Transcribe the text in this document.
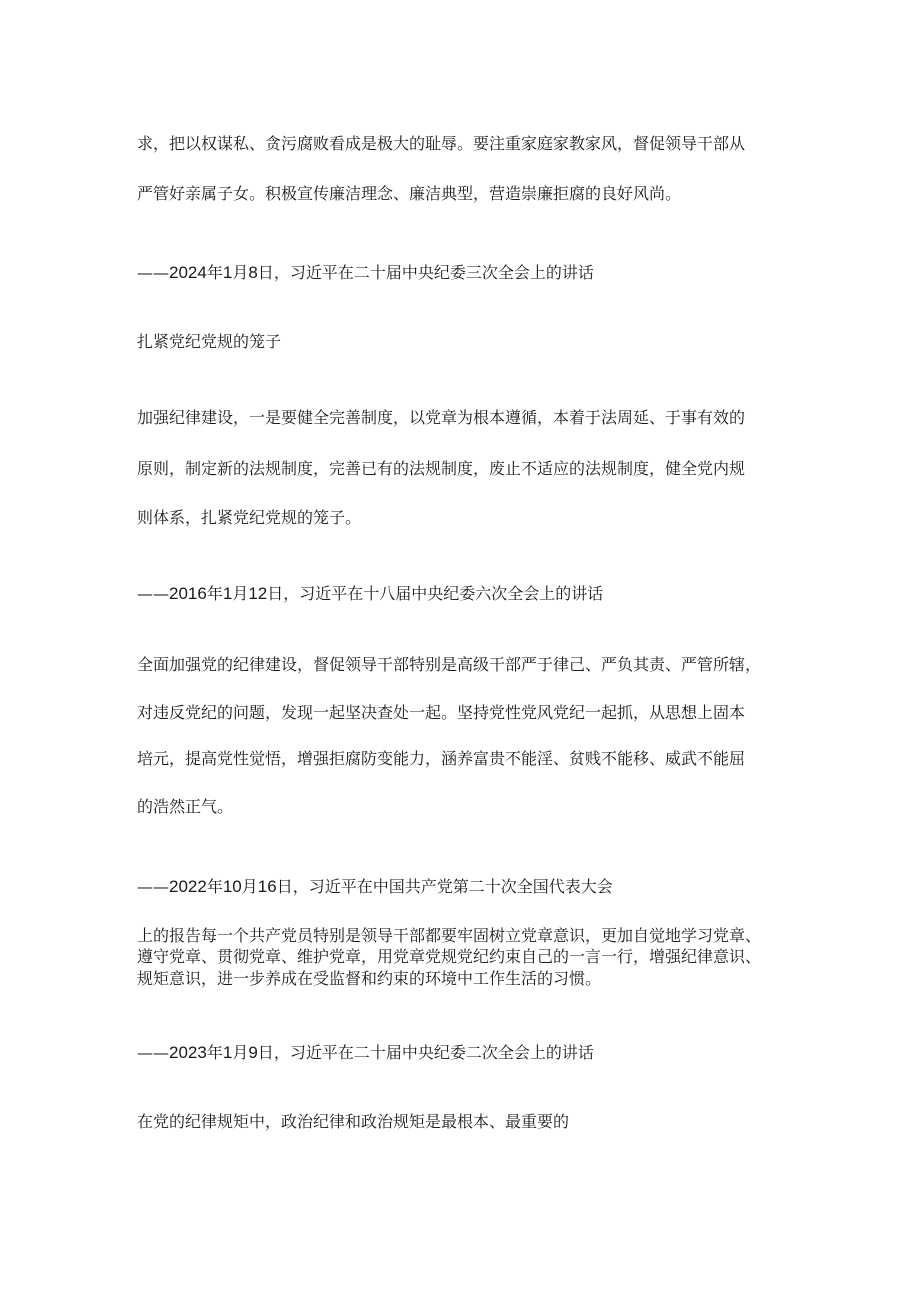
求，把以权谋私、贪污腐败看成是极大的耻辱。要注重家庭家教家风，督促领导干部从

严管好亲属子女。积极宣传廉洁理念、廉洁典型，营造崇廉拒腐的良好风尚。

——2024年1月8日，习近平在二十届中央纪委三次全会上的讲话

扎紧党纪党规的笼子

加强纪律建设，一是要健全完善制度，以党章为根本遵循，本着于法周延、于事有效的

原则，制定新的法规制度，完善已有的法规制度，废止不适应的法规制度，健全党内规

则体系，扎紧党纪党规的笼子。

——2016年1月12日，习近平在十八届中央纪委六次全会上的讲话

全面加强党的纪律建设，督促领导干部特别是高级干部严于律己、严负其责、严管所辖，

对违反党纪的问题，发现一起坚决查处一起。坚持党性党风党纪一起抓，从思想上固本

培元，提高党性觉悟，增强拒腐防变能力，涵养富贵不能淫、贫贱不能移、威武不能屈

的浩然正气。

——2022年10月16日，习近平在中国共产党第二十次全国代表大会

上的报告每一个共产党员特别是领导干部都要牢固树立党章意识，更加自觉地学习党章、

遵守党章、贯彻党章、维护党章，用党章党规党纪约束自己的一言一行，增强纪律意识、

规矩意识，进一步养成在受监督和约束的环境中工作生活的习惯。

——2023年1月9日，习近平在二十届中央纪委二次全会上的讲话

在党的纪律规矩中，政治纪律和政治规矩是最根本、最重要的
